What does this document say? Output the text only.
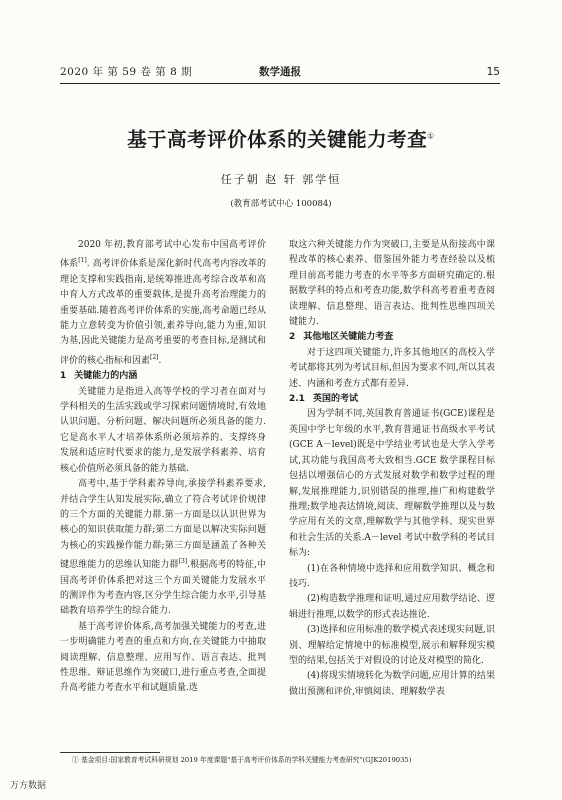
2020 年 第 59 卷 第 8 期	数学通报	15
基于高考评价体系的关键能力考查①
任子朝 赵 轩 郭学恒
(教育部考试中心 100084)

2020 年初,教育部考试中心发布中国高考评价体系[1]. 高考评价体系是深化新时代高考内容改革的理论支撑和实践指南,是统筹推进高考综合改革和高中育人方式改革的重要载体,是提升高考治理能力的重要基础.随着高考评价体系的实施,高考命题已经从能力立意转变为价值引领,素养导向,能力为重,知识为基,因此关键能力是高考重要的考查目标,是测试和评价的核心指标和因素[2].

1 关键能力的内涵

关键能力是指进入高等学校的学习者在面对与学科相关的生活实践或学习探索问题情境时,有效地认识问题、分析问题、解决问题所必须具备的能力.它是高水平人才培养体系所必须培养的、支撑终身发展和适应时代要求的能力,是发展学科素养、培育核心价值所必须具备的能力基础.

高考中,基于学科素养导向,承接学科素养要求,并结合学生认知发展实际,确立了符合考试评价规律的三个方面的关键能力群.第一方面是以认识世界为核心的知识获取能力群;第二方面是以解决实际问题为核心的实践操作能力群;第三方面是涵盖了各种关键思维能力的思维认知能力群[3].根据高考的特征,中国高考评价体系把对这三个方面关键能力发展水平的测评作为考查内容,区分学生综合能力水平,引导基础教育培养学生的综合能力.

基于高考评价体系,高考加强关键能力的考查,进一步明确能力考查的重点和方向,在关键能力中抽取阅读理解、信息整理、应用写作、语言表达、批判性思维、辩证思维作为突破口,进行重点考查,全面提升高考能力考查水平和试题质量.选

取这六种关键能力作为突破口,主要是从衔接高中课程改革的核心素养、借鉴国外能力考查经验以及梳理目前高考能力考查的水平等多方面研究确定的.根据数学科的特点和考查功能,数学科高考着重考查阅读理解、信息整理、语言表达、批判性思维四项关键能力.

2 其他地区关键能力考查

对于这四项关键能力,许多其他地区的高校入学考试都将其列为考试目标,但因为要求不同,所以其表述、内涵和考查方式都有差异.

2.1 英国的考试

因为学制不同,英国教育普通证书(GCE)课程是英国中学七年级的水平,教育普通证书高级水平考试(GCE A－level)既是中学结业考试也是大学入学考试,其功能与我国高考大致相当.GCE 数学课程目标包括以增强信心的方式发展对数学和数学过程的理解,发展推理能力,识别错误的推理,推广和构建数学推理;数学地表达情境,阅读、理解数学推理以及与数学应用有关的文章,理解数学与其他学科、现实世界和社会生活的关系.A－level 考试中数学科的考试目标为:

(1)在各种情境中选择和应用数学知识、概念和技巧.

(2)构造数学推理和证明,通过应用数学结论、逻辑进行推理,以数学的形式表达推论.

(3)选择和应用标准的数学模式表述现实问题,识别、理解给定情境中的标准模型,展示和解释现实模型的结果,包括关于对假设的讨论及对模型的简化.

(4)将现实情境转化为数学问题,应用计算的结果做出预测和评价,审慎阅读、理解数学表

① 基金项目:国家教育考试科研规划 2019 年度课题"基于高考评价体系的学科关键能力考查研究"(GJK2019035)
万方数据
